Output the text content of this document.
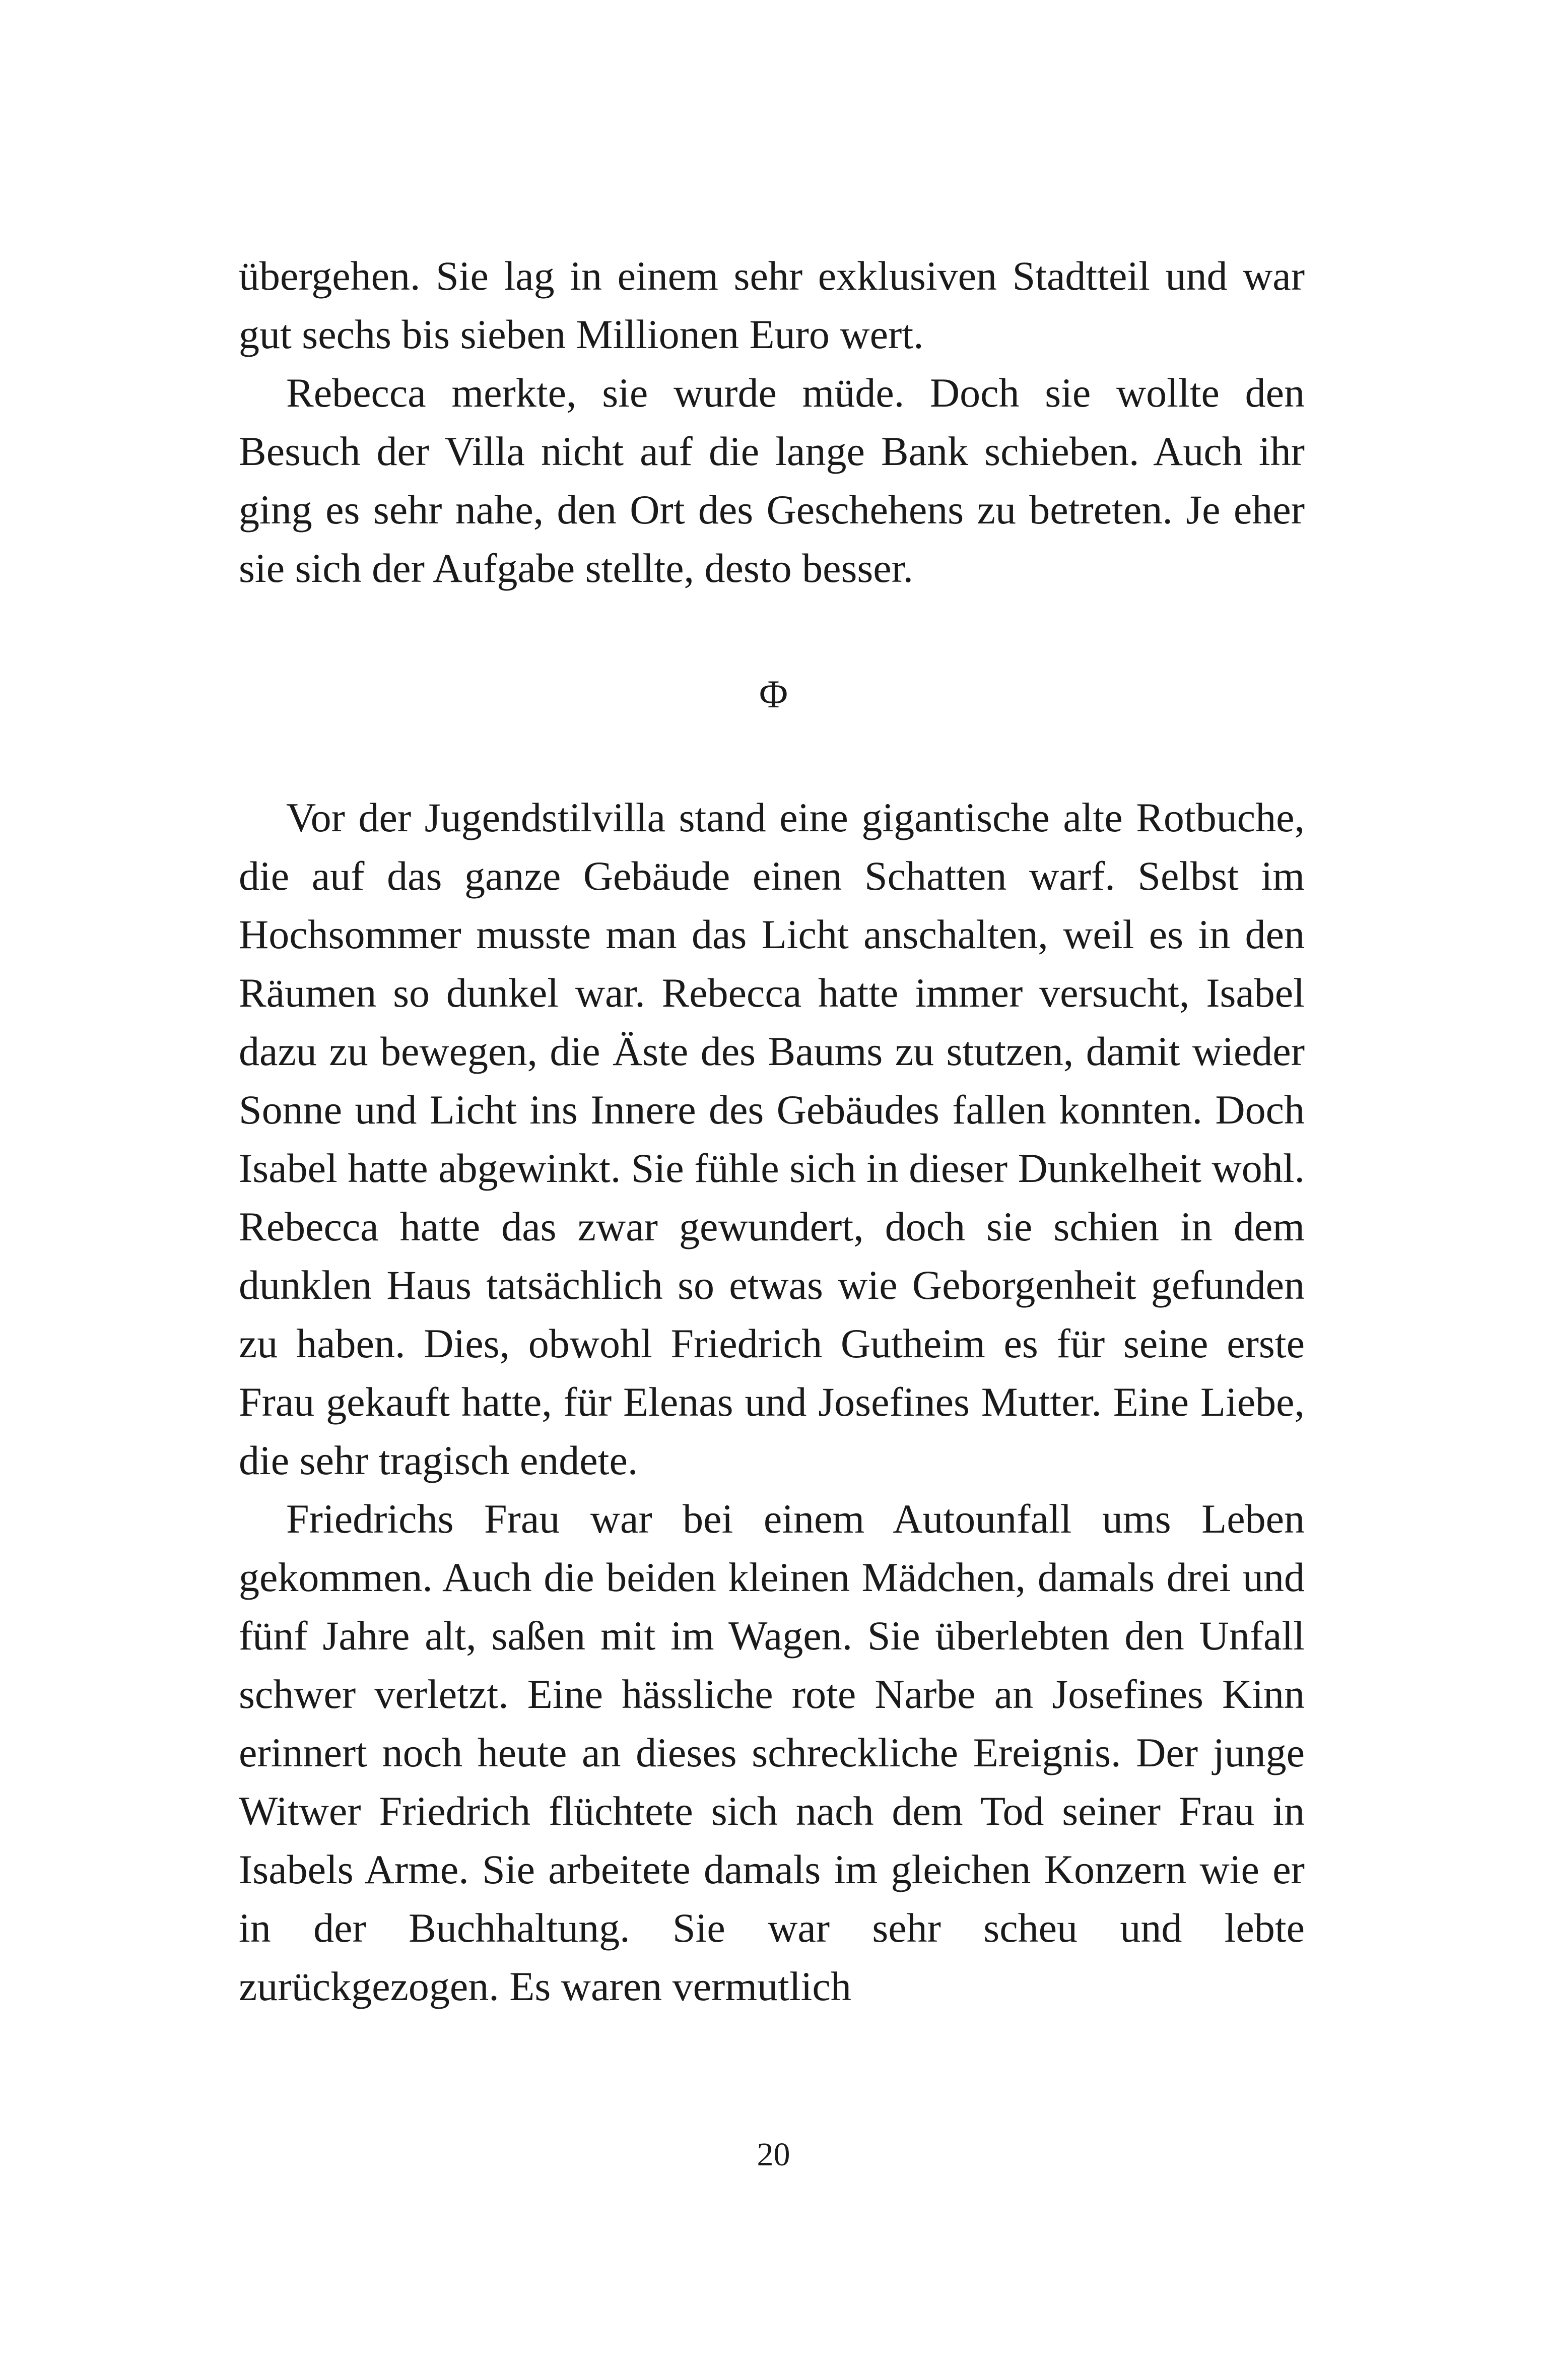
übergehen. Sie lag in einem sehr exklusiven Stadtteil und war gut sechs bis sieben Millionen Euro wert.

Rebecca merkte, sie wurde müde. Doch sie wollte den Besuch der Villa nicht auf die lange Bank schieben. Auch ihr ging es sehr nahe, den Ort des Geschehens zu betreten. Je eher sie sich der Aufgabe stellte, desto besser.

Φ

Vor der Jugendstilvilla stand eine gigantische alte Rotbuche, die auf das ganze Gebäude einen Schatten warf. Selbst im Hochsommer musste man das Licht anschalten, weil es in den Räumen so dunkel war. Rebecca hatte immer versucht, Isabel dazu zu bewegen, die Äste des Baums zu stutzen, damit wieder Sonne und Licht ins Innere des Gebäudes fallen konnten. Doch Isabel hatte abgewinkt. Sie fühle sich in dieser Dunkelheit wohl. Rebecca hatte das zwar gewundert, doch sie schien in dem dunklen Haus tatsächlich so etwas wie Geborgenheit gefunden zu haben. Dies, obwohl Friedrich Gutheim es für seine erste Frau gekauft hatte, für Elenas und Josefines Mutter. Eine Liebe, die sehr tragisch endete.

Friedrichs Frau war bei einem Autounfall ums Leben gekommen. Auch die beiden kleinen Mädchen, damals drei und fünf Jahre alt, saßen mit im Wagen. Sie überlebten den Unfall schwer verletzt. Eine hässliche rote Narbe an Josefines Kinn erinnert noch heute an dieses schreckliche Ereignis. Der junge Witwer Friedrich flüchtete sich nach dem Tod seiner Frau in Isabels Arme. Sie arbeitete damals im gleichen Konzern wie er in der Buchhaltung. Sie war sehr scheu und lebte zurückgezogen. Es waren vermutlich

20
